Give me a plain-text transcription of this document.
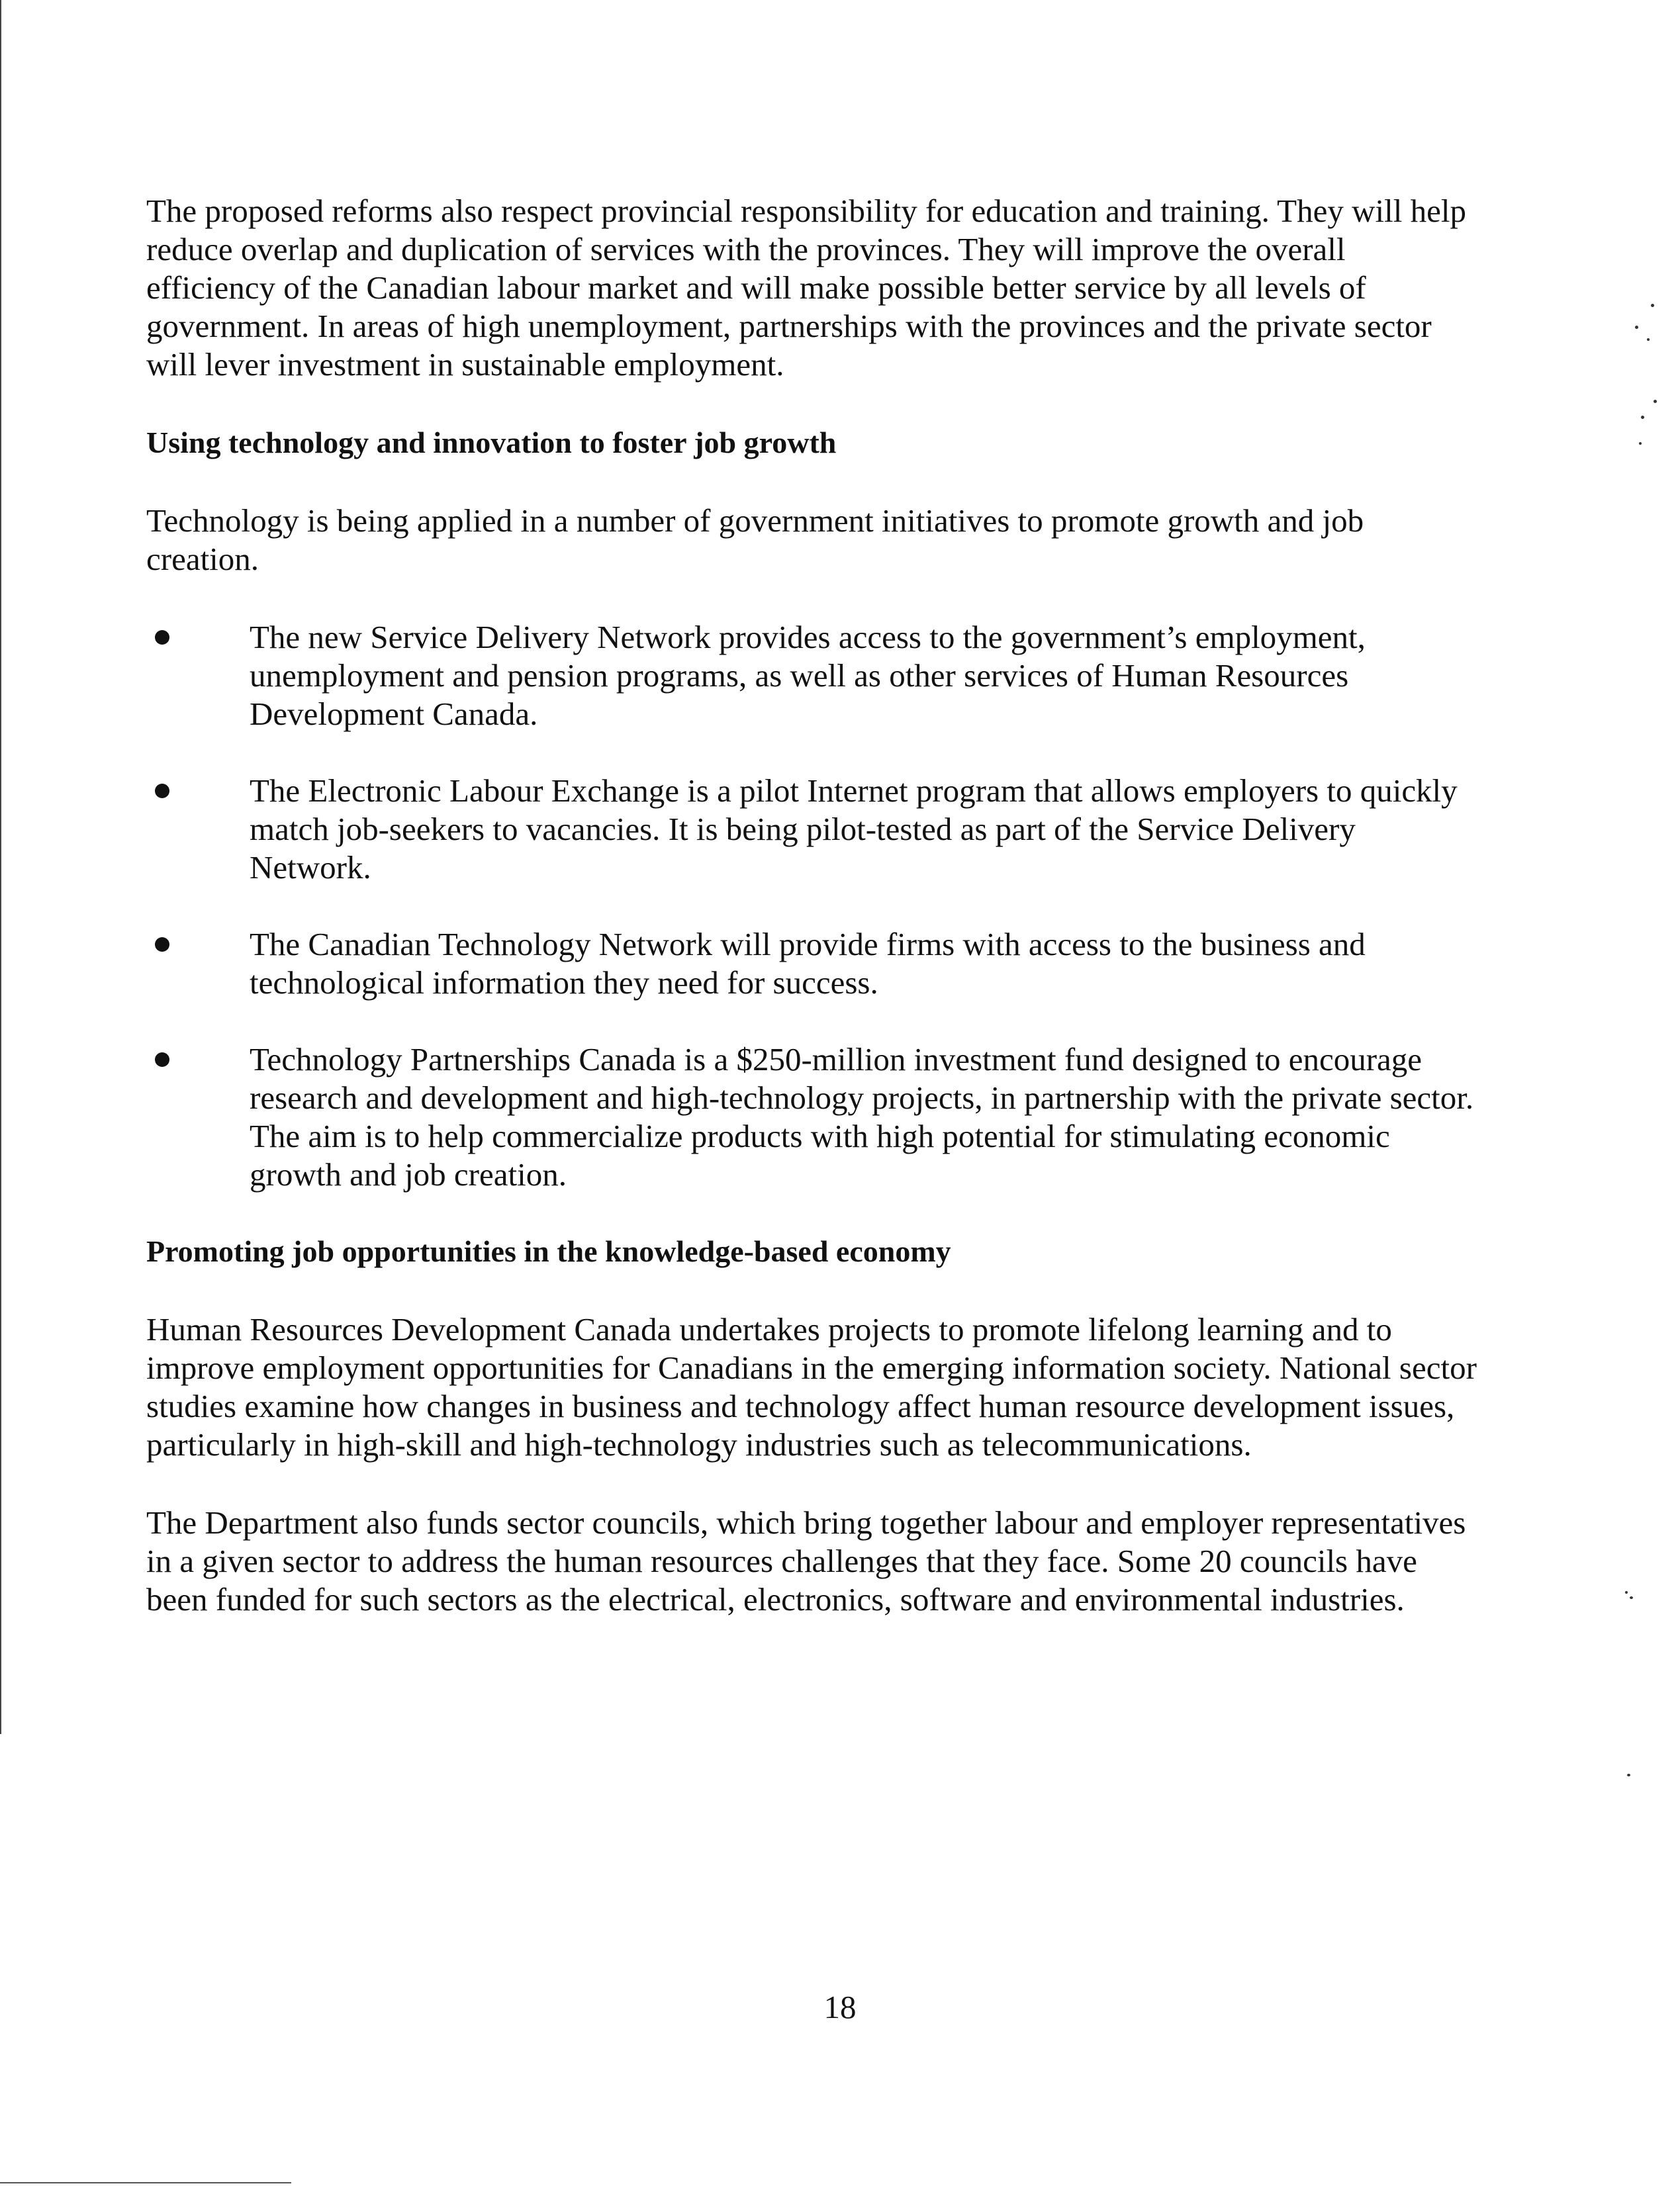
The proposed reforms also respect provincial responsibility for education and training. They will help reduce overlap and duplication of services with the provinces. They will improve the overall efficiency of the Canadian labour market and will make possible better service by all levels of government. In areas of high unemployment, partnerships with the provinces and the private sector will lever investment in sustainable employment.

Using technology and innovation to foster job growth

Technology is being applied in a number of government initiatives to promote growth and job creation.

The new Service Delivery Network provides access to the government’s employment, unemployment and pension programs, as well as other services of Human Resources Development Canada.
The Electronic Labour Exchange is a pilot Internet program that allows employers to quickly match job-seekers to vacancies. It is being pilot-tested as part of the Service Delivery Network.
The Canadian Technology Network will provide firms with access to the business and technological information they need for success.
Technology Partnerships Canada is a $250-million investment fund designed to encourage research and development and high-technology projects, in partnership with the private sector. The aim is to help commercialize products with high potential for stimulating economic growth and job creation.
Promoting job opportunities in the knowledge-based economy

Human Resources Development Canada undertakes projects to promote lifelong learning and to improve employment opportunities for Canadians in the emerging information society. National sector studies examine how changes in business and technology affect human resource development issues, particularly in high-skill and high-technology industries such as telecommunications.

The Department also funds sector councils, which bring together labour and employer representatives in a given sector to address the human resources challenges that they face. Some 20 councils have been funded for such sectors as the electrical, electronics, software and environmental industries.

18
